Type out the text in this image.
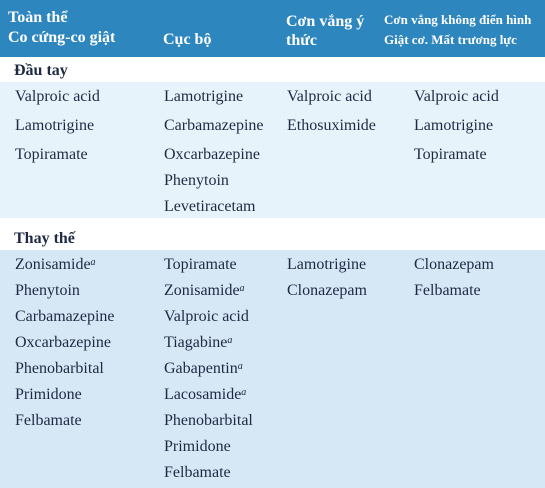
Toàn thể
Co cứng-co giật	Cục bộ
Cơn vắng ý
thức
Cơn vắng không điển hình
Giật cơ. Mất trương lực
Đầu tay
Valproic acid
Lamotrigine
Topiramate
Lamotrigine
Carbamazepine
Oxcarbazepine
Phenytoin
Levetiracetam
Valproic acid
Ethosuximide
Valproic acid
Lamotrigine
Topiramate
Thay thế
Zonisamide$^a$
Phenytoin
Carbamazepine
Oxcarbazepine
Phenobarbital
Primidone
Felbamate
Topiramate
Zonisamide$^a$
Valproic acid
Tiagabine$^a$
Gabapentin$^a$
Lacosamide$^a$
Phenobarbital
Primidone
Felbamate
Lamotrigine
Clonazepam
Clonazepam
Felbamate
